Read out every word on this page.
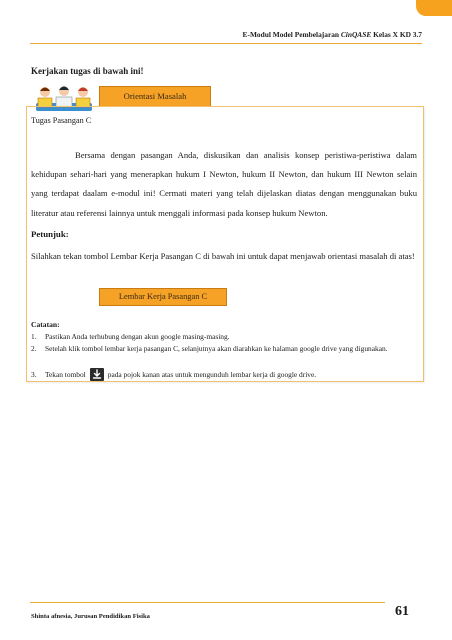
E-Modul Model Pembelajaran CinQASE Kelas X KD 3.7
Kerjakan tugas di bawah ini!
Orientasi Masalah
Tugas Pasangan C

Bersama dengan pasangan Anda, diskusikan dan analisis konsep peristiwa-peristiwa dalam kehidupan sehari-hari yang menerapkan hukum I Newton, hukum II Newton, dan hukum III Newton selain yang terdapat daalam e-modul ini! Cermati materi yang telah dijelaskan diatas dengan menggunakan buku literatur atau referensi lainnya untuk menggali informasi pada konsep hukum Newton.

Petunjuk:

Silahkan tekan tombol Lembar Kerja Pasangan C di bawah ini untuk dapat menjawab orientasi masalah di atas!

Lembar Kerja Pasangan C
Catatan:
1. Pastikan Anda terhubung dengan akun google masing-masing.
2. Setelah klik tombol lembar kerja pasangan C, selanjutnya akan diarahkan ke halaman google drive yang digunakan.
3. Tekan tombol	pada pojok kanan atas untuk mengunduh lembar kerja di google drive.
Shinta afnesia, Jurusan Pendidikan Fisika	61
